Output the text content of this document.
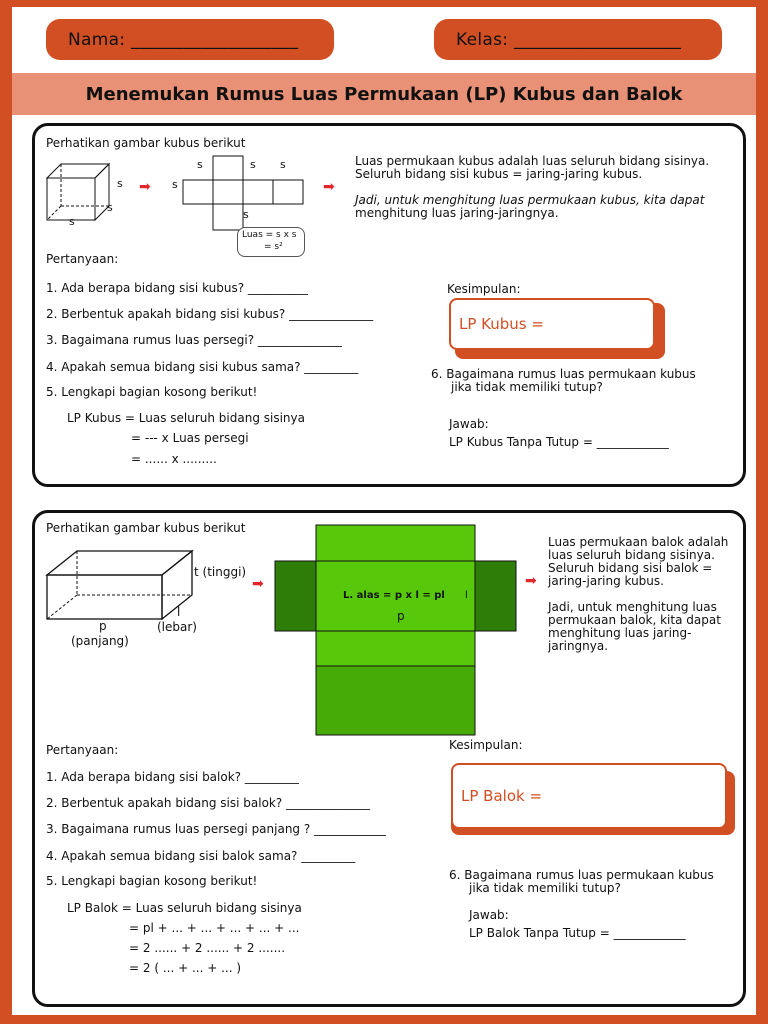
Nama: ___________________	Kelas: ___________________
Menemukan Rumus Luas Permukaan (LP) Kubus dan Balok
Perhatikan gambar kubus berikut
s
s
s
➡
s	s s
s
s
Luas = s x s
= s²
➡
Luas permukaan kubus adalah luas seluruh bidang sisinya.
Seluruh bidang sisi kubus = jaring-jaring kubus.
Jadi, untuk menghitung luas permukaan kubus, kita dapat
menghitung luas jaring-jaringnya.
Pertanyaan:
1. Ada berapa bidang sisi kubus? __________
2. Berbentuk apakah bidang sisi kubus? ______________
3. Bagaimana rumus luas persegi? ______________
4. Apakah semua bidang sisi kubus sama? _________
5. Lengkapi bagian kosong berikut!
LP Kubus = Luas seluruh bidang sisinya
= --- x Luas persegi
= ...... x .........
Kesimpulan:
LP Kubus =
6. Bagaimana rumus luas permukaan kubus
jika tidak memiliki tutup?
Jawab:
LP Kubus Tanpa Tutup = ____________
Perhatikan gambar kubus berikut
t (tinggi)
p
(panjang)
l
(lebar)
➡
L. alas = p x l = pl l
p
➡
Luas permukaan balok adalah
luas seluruh bidang sisinya.
Seluruh bidang sisi balok =
jaring-jaring kubus.
Jadi, untuk menghitung luas
permukaan balok, kita dapat
menghitung luas jaring-
jaringnya.
Pertanyaan:
1. Ada berapa bidang sisi balok? _________
2. Berbentuk apakah bidang sisi balok? ______________
3. Bagaimana rumus luas persegi panjang ? ____________
4. Apakah semua bidang sisi balok sama? _________
5. Lengkapi bagian kosong berikut!
LP Balok = Luas seluruh bidang sisinya
= pl + ... + ... + ... + ... + ...
= 2 ...... + 2 ...... + 2 .......
= 2 ( ... + ... + ... )
Kesimpulan:
LP Balok =
6. Bagaimana rumus luas permukaan kubus
jika tidak memiliki tutup?
Jawab:
LP Balok Tanpa Tutup = ____________
